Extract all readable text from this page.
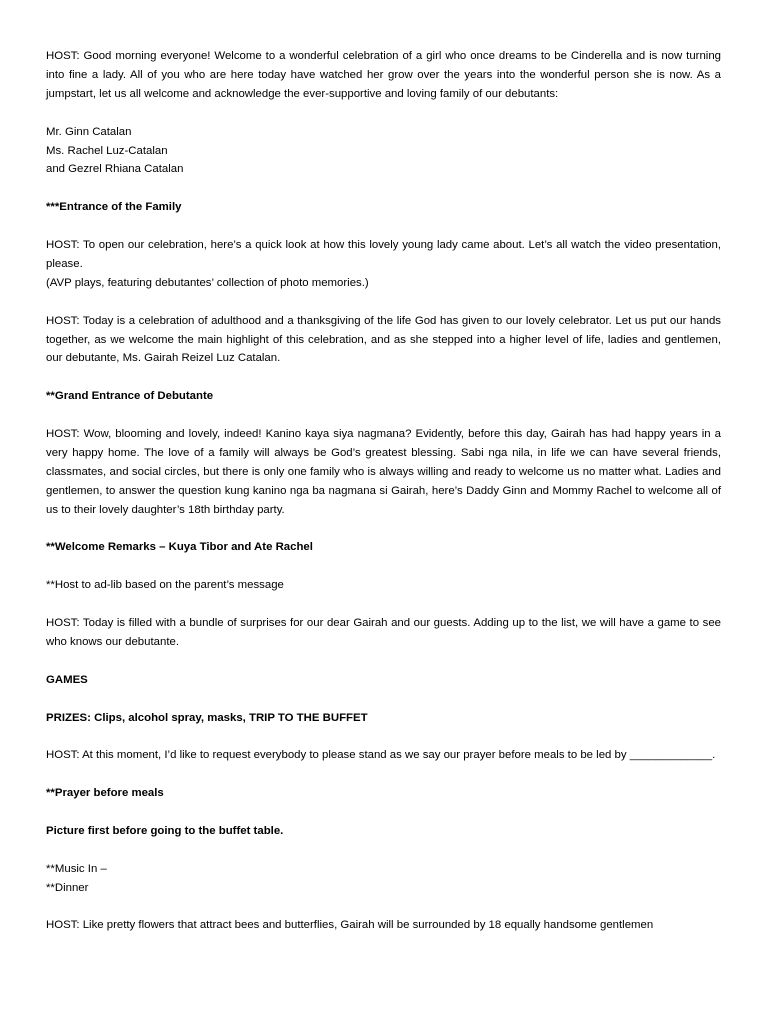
HOST: Good morning everyone! Welcome to a wonderful celebration of a girl who once dreams to be Cinderella and is now turning into fine a lady. All of you who are here today have watched her grow over the years into the wonderful person she is now. As a jumpstart, let us all welcome and acknowledge the ever-supportive and loving family of our debutants:

Mr. Ginn Catalan
Ms. Rachel Luz-Catalan
and Gezrel Rhiana Catalan

***Entrance of the Family

HOST: To open our celebration, here’s a quick look at how this lovely young lady came about. Let’s all watch the video presentation, please.
(AVP plays, featuring debutantes’ collection of photo memories.)

HOST: Today is a celebration of adulthood and a thanksgiving of the life God has given to our lovely celebrator. Let us put our hands together, as we welcome the main highlight of this celebration, and as she stepped into a higher level of life, ladies and gentlemen, our debutante, Ms. Gairah Reizel Luz Catalan.

**Grand Entrance of Debutante

HOST: Wow, blooming and lovely, indeed! Kanino kaya siya nagmana? Evidently, before this day, Gairah has had happy years in a very happy home. The love of a family will always be God’s greatest blessing. Sabi nga nila, in life we can have several friends, classmates, and social circles, but there is only one family who is always willing and ready to welcome us no matter what. Ladies and gentlemen, to answer the question kung kanino nga ba nagmana si Gairah, here’s Daddy Ginn and Mommy Rachel to welcome all of us to their lovely daughter’s 18th birthday party.

**Welcome Remarks – Kuya Tibor and Ate Rachel

**Host to ad-lib based on the parent’s message

HOST: Today is filled with a bundle of surprises for our dear Gairah and our guests. Adding up to the list, we will have a game to see who knows our debutante.

GAMES

PRIZES: Clips, alcohol spray, masks, TRIP TO THE BUFFET

HOST: At this moment, I’d like to request everybody to please stand as we say our prayer before meals to be led by _____________.

**Prayer before meals

Picture first before going to the buffet table.

**Music In –
**Dinner

HOST: Like pretty flowers that attract bees and butterflies, Gairah will be surrounded by 18 equally handsome gentlemen
